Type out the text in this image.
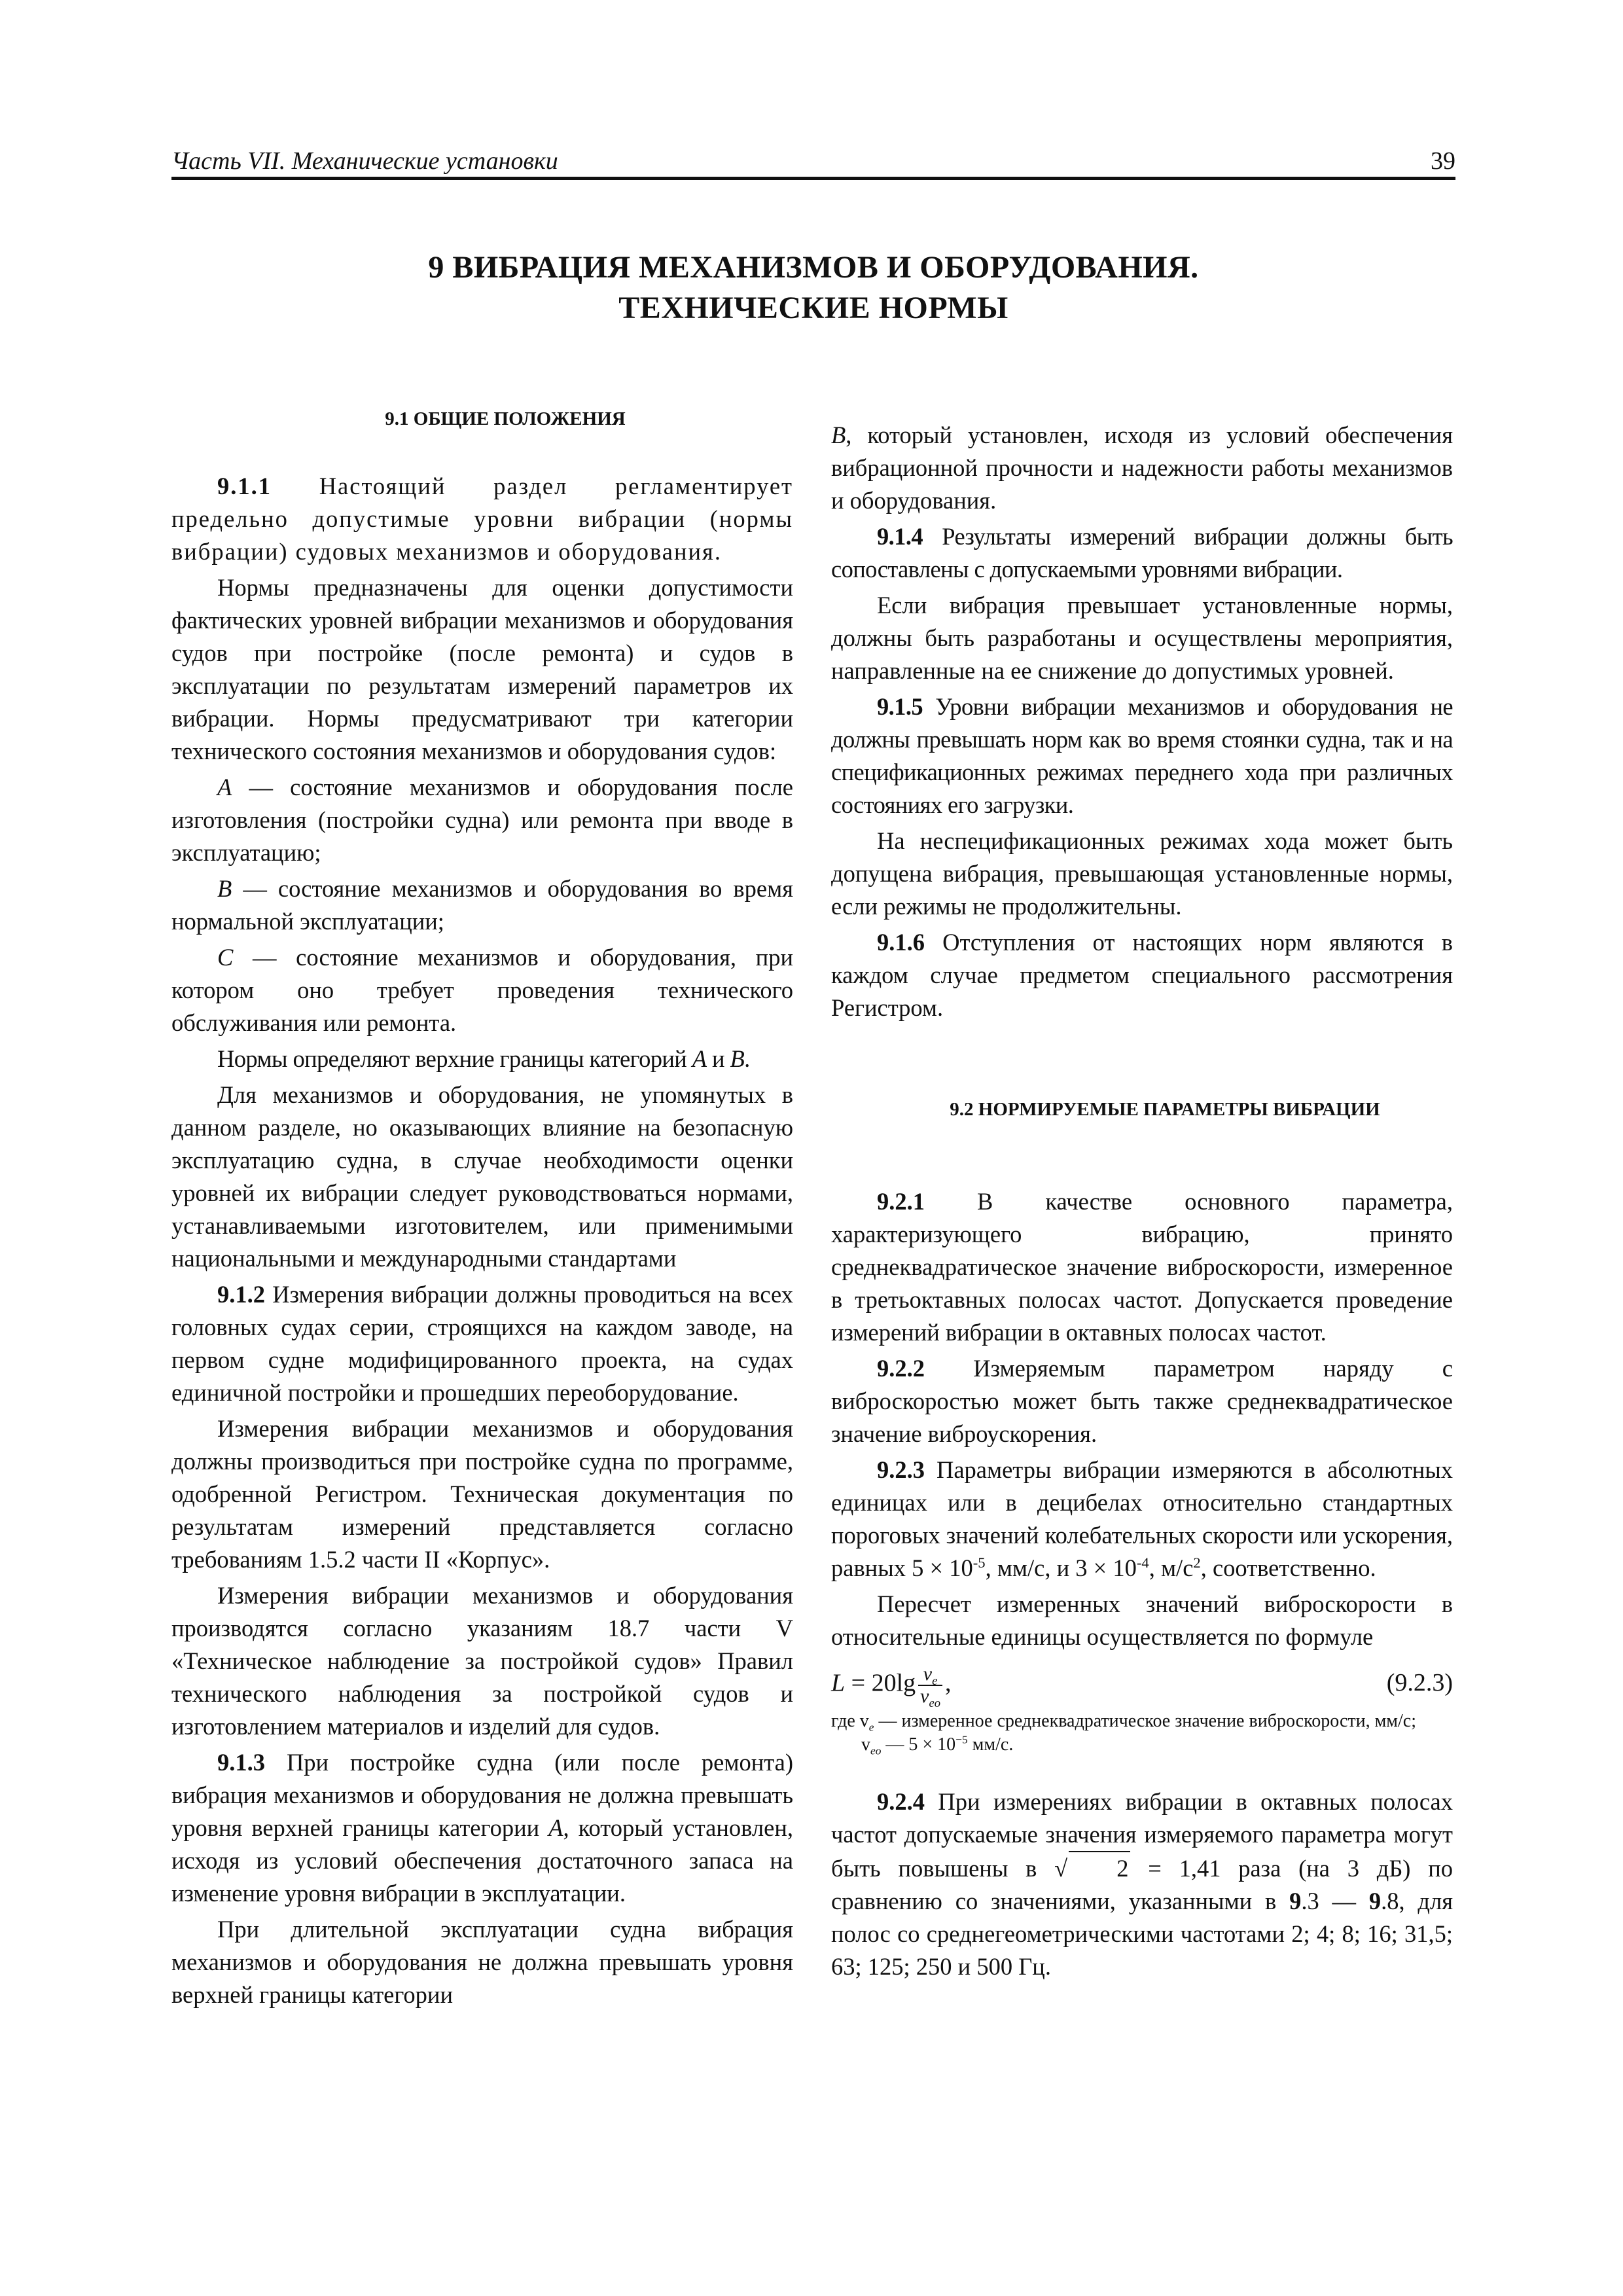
Часть VII. Механические установки	39
9 ВИБРАЦИЯ МЕХАНИЗМОВ И ОБОРУДОВАНИЯ.
ТЕХНИЧЕСКИЕ НОРМЫ

9.1 ОБЩИЕ ПОЛОЖЕНИЯ

9.1.1 Настоящий раздел регламентирует предельно допустимые уровни вибрации (нормы вибрации) судовых механизмов и оборудования.

Нормы предназначены для оценки допустимости фактических уровней вибрации механизмов и оборудования судов при постройке (после ремонта) и судов в эксплуатации по результатам измерений параметров их вибрации. Нормы предусматривают три категории технического состояния механизмов и оборудования судов:

А — состояние механизмов и оборудования после изготовления (постройки судна) или ремонта при вводе в эксплуатацию;

В — состояние механизмов и оборудования во время нормальной эксплуатации;

С — состояние механизмов и оборудования, при котором оно требует проведения технического обслуживания или ремонта.

Нормы определяют верхние границы категорий А и В.

Для механизмов и оборудования, не упомянутых в данном разделе, но оказывающих влияние на безопасную эксплуатацию судна, в случае необходимости оценки уровней их вибрации следует руководствоваться нормами, устанавливаемыми изготовителем, или применимыми национальными и международными стандартами

9.1.2 Измерения вибрации должны проводиться на всех головных судах серии, строящихся на каждом заводе, на первом судне модифицированного проекта, на судах единичной постройки и прошедших переоборудование.

Измерения вибрации механизмов и оборудования должны производиться при постройке судна по программе, одобренной Регистром. Техническая документация по результатам измерений представляется согласно требованиям 1.5.2 части II «Корпус».

Измерения вибрации механизмов и оборудования производятся согласно указаниям 18.7 части V «Техническое наблюдение за постройкой судов» Правил технического наблюдения за постройкой судов и изготовлением материалов и изделий для судов.

9.1.3 При постройке судна (или после ремонта) вибрация механизмов и оборудования не должна превышать уровня верхней границы категории А, который установлен, исходя из условий обеспечения достаточного запаса на изменение уровня вибрации в эксплуатации.

При длительной эксплуатации судна вибрация механизмов и оборудования не должна превышать уровня верхней границы категории

В, который установлен, исходя из условий обеспечения вибрационной прочности и надежности работы механизмов и оборудования.

9.1.4 Результаты измерений вибрации должны быть сопоставлены с допускаемыми уровнями вибрации.

Если вибрация превышает установленные нормы, должны быть разработаны и осуществлены мероприятия, направленные на ее снижение до допустимых уровней.

9.1.5 Уровни вибрации механизмов и оборудования не должны превышать норм как во время стоянки судна, так и на спецификационных режимах переднего хода при различных состояниях его загрузки.

На неспецификационных режимах хода может быть допущена вибрация, превышающая установленные нормы, если режимы не продолжительны.

9.1.6 Отступления от настоящих норм являются в каждом случае предметом специального рассмотрения Регистром.

9.2 НОРМИРУЕМЫЕ ПАРАМЕТРЫ ВИБРАЦИИ

9.2.1 В качестве основного параметра, характеризующего вибрацию, принято среднеквадратическое значение виброскорости, измеренное в третьоктавных полосах частот. Допускается проведение измерений вибрации в октавных полосах частот.

9.2.2 Измеряемым параметром наряду с виброскоростью может быть также среднеквадратическое значение виброускорения.

9.2.3 Параметры вибрации измеряются в абсолютных единицах или в децибелах относительно стандартных пороговых значений колебательных скорости или ускорения, равных $5 \times 10^{-5}$, мм/с, и $3 \times 10^{-4}$, $м/с^2$, соответственно.

Пересчет измеренных значений виброскорости в относительные единицы осуществляется по формуле

$L = 20\lg \frac{v_e}{v_{eo}}$ ,	(9.2.3)
где $v_e$ — измеренное среднеквадратическое значение виброскорости, мм/с;
$v_{eo}$ — $5 \times 10^{-5}$ мм/с.

9.2.4 При измерениях вибрации в октавных полосах частот допускаемые значения измеряемого параметра могут быть повышены в √ 2 = 1,41 раза (на 3 дБ) по сравнению со значениями, указанными в 9.3 — 9.8, для полос со среднегеометрическими частотами 2; 4; 8; 16; 31,5; 63; 125; 250 и 500 Гц.
